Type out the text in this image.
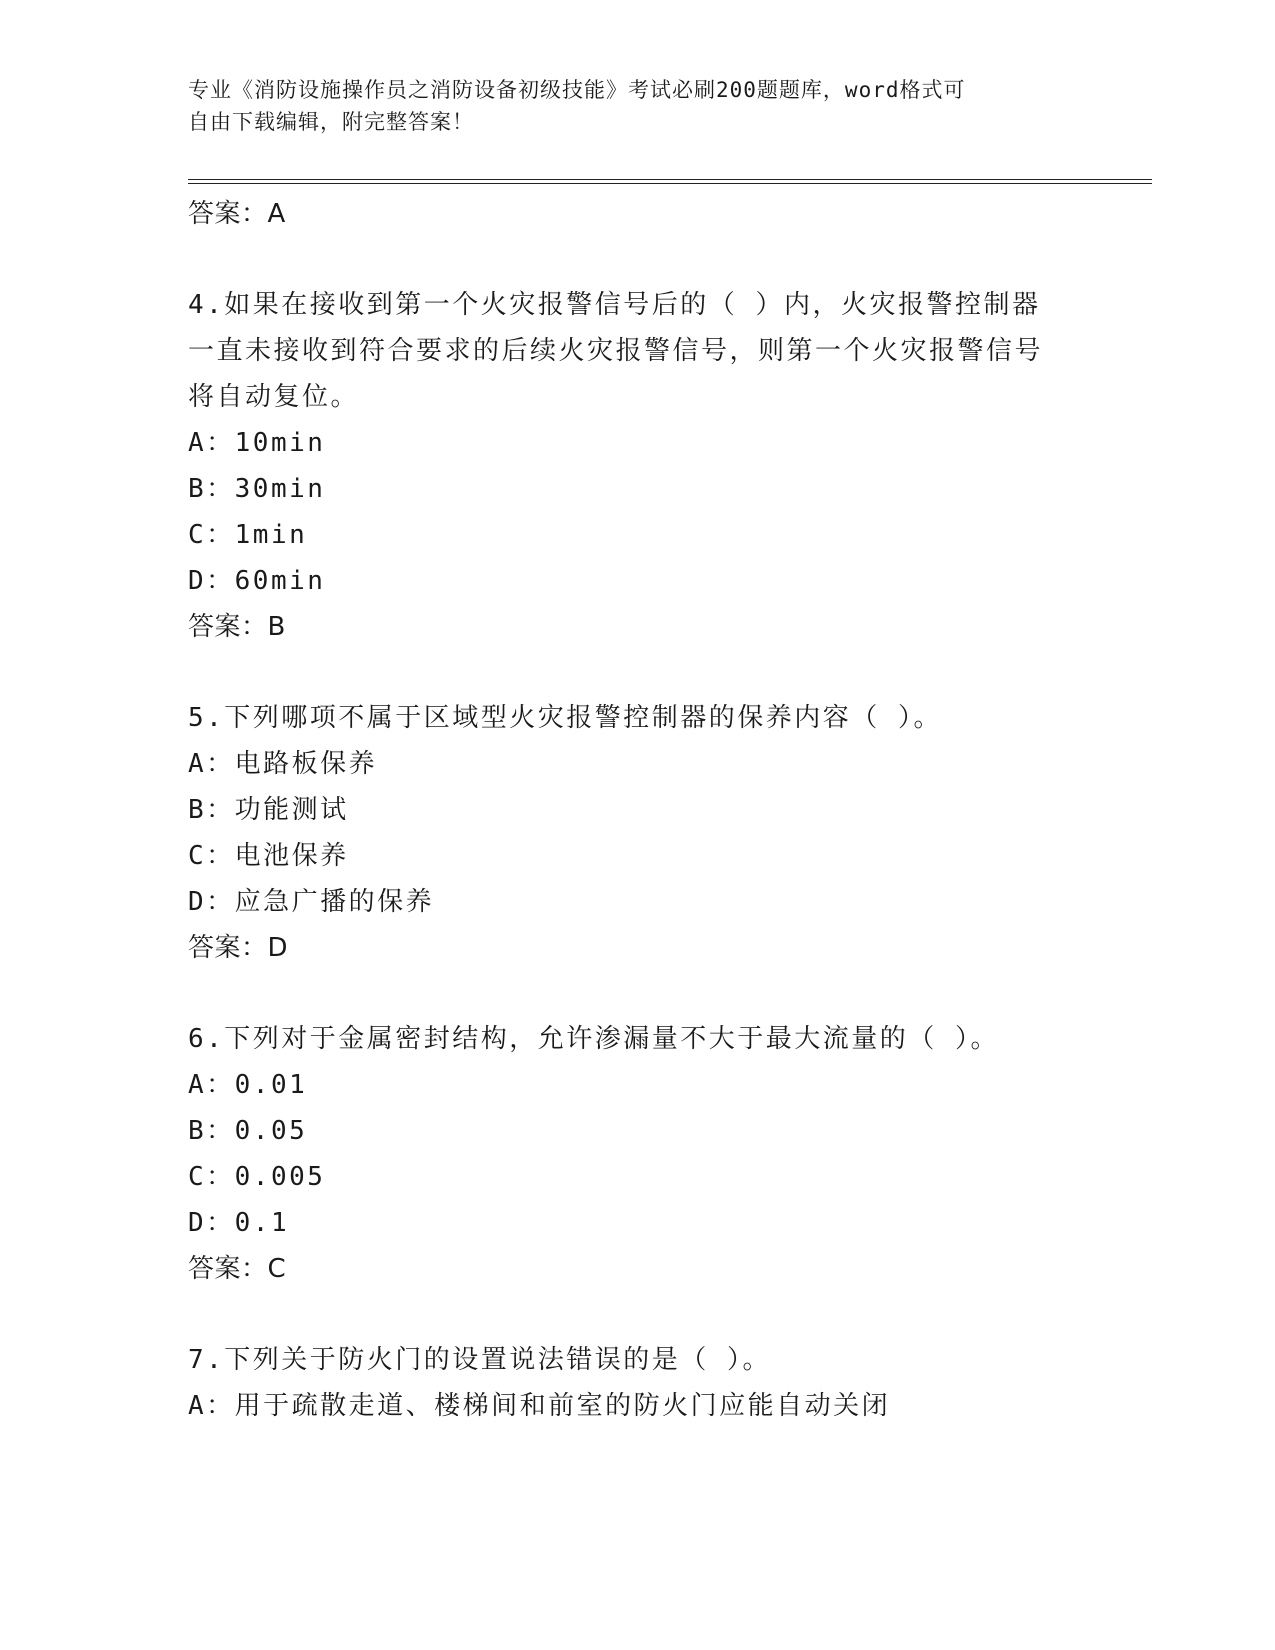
专业《消防设施操作员之消防设备初级技能》考试必刷200题题库，word格式可
自由下载编辑，附完整答案！
答案：A
4.如果在接收到第一个火灾报警信号后的（ ）内，火灾报警控制器
一直未接收到符合要求的后续火灾报警信号，则第一个火灾报警信号
将自动复位。
A：10min
B：30min
C：1min
D：60min
答案：B
5.下列哪项不属于区域型火灾报警控制器的保养内容（ ）。
A：电路板保养
B：功能测试
C：电池保养
D：应急广播的保养
答案：D
6.下列对于金属密封结构，允许渗漏量不大于最大流量的（ ）。
A：0.01
B：0.05
C：0.005
D：0.1
答案：C
7.下列关于防火门的设置说法错误的是（ ）。
A：用于疏散走道、楼梯间和前室的防火门应能自动关闭
